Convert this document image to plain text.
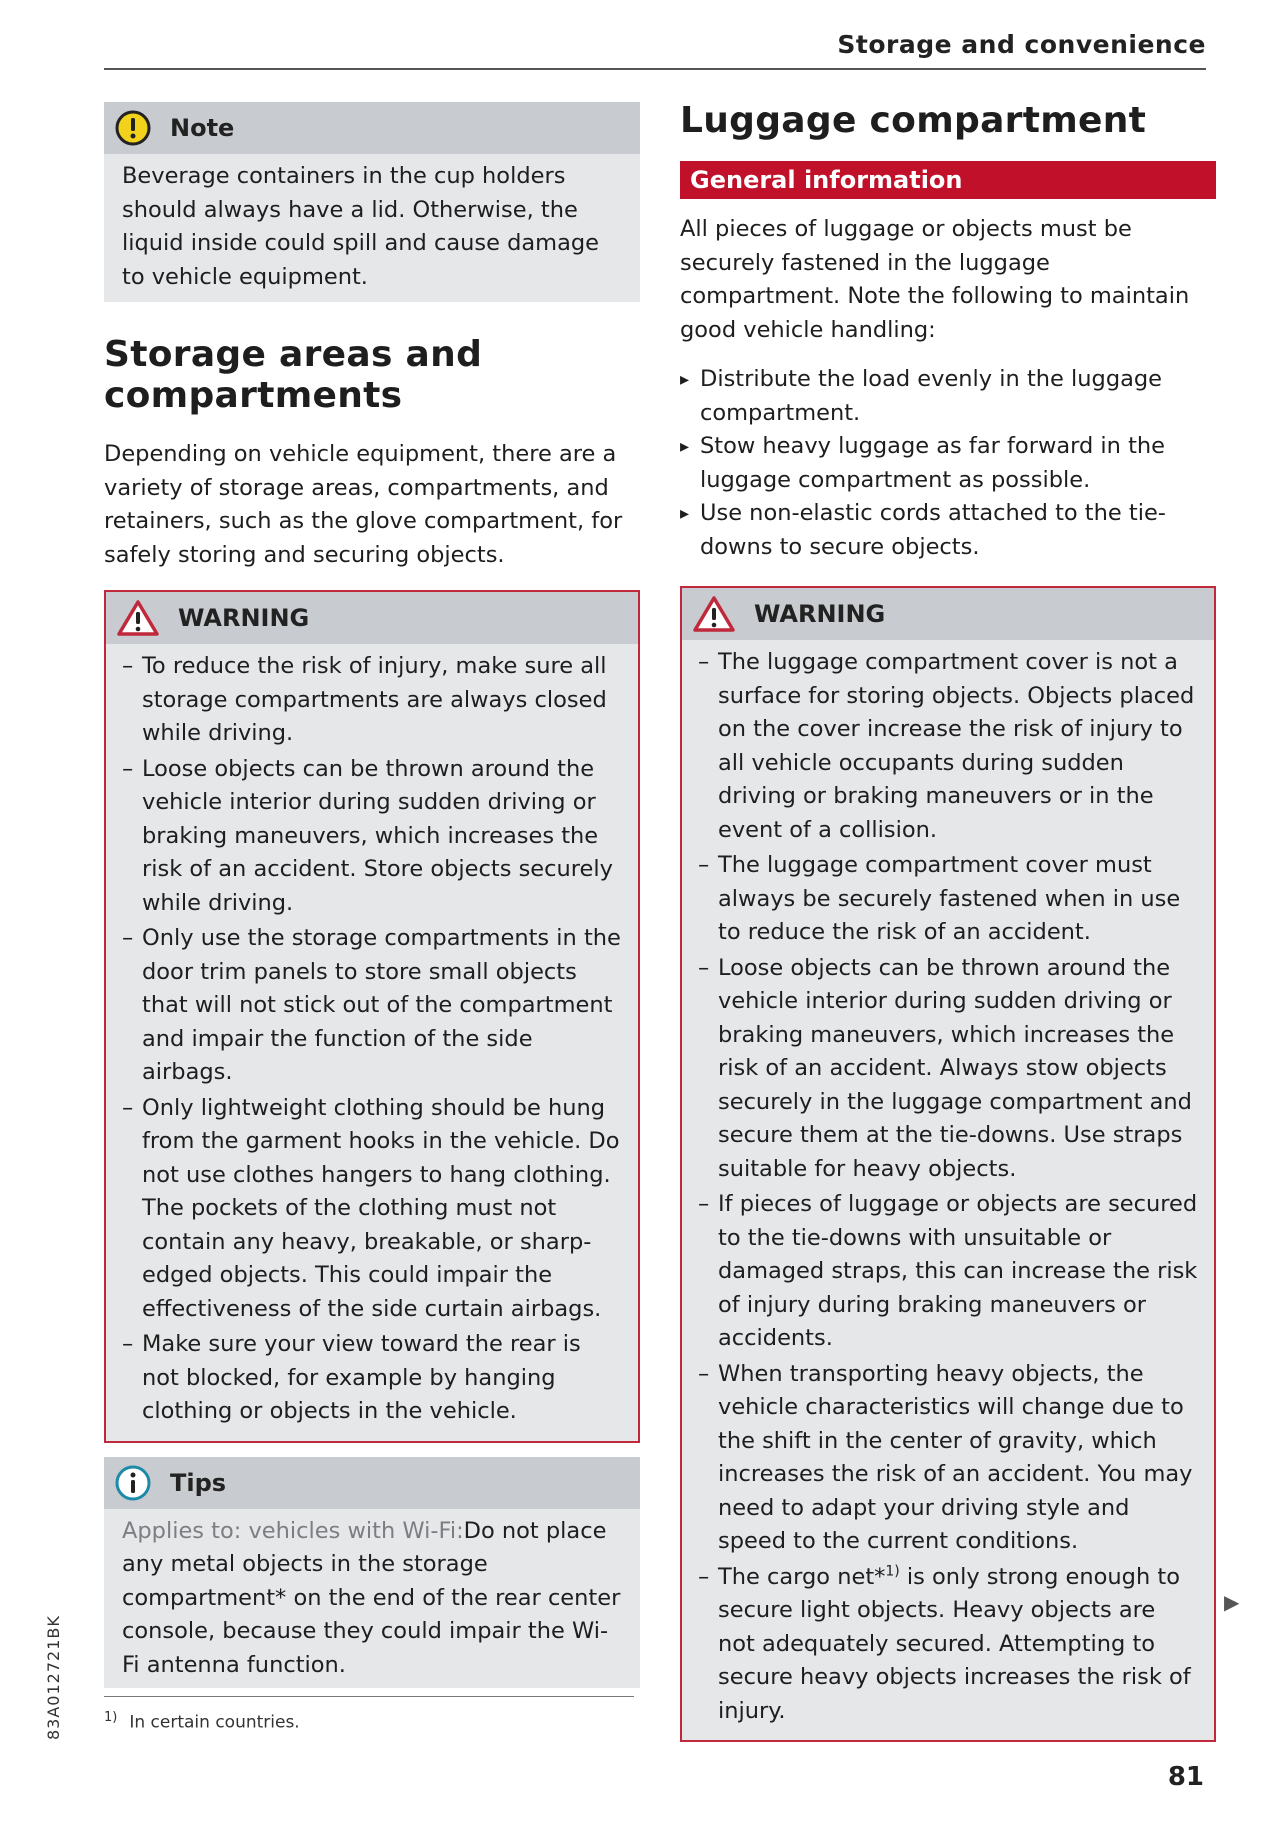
Storage and convenience
Note

Beverage containers in the cup holders should always have a lid. Otherwise, the liquid inside could spill and cause damage to vehicle equipment.

Storage areas and
compartments

Depending on vehicle equipment, there are a variety of storage areas, compartments, and retainers, such as the glove compartment, for safely storing and securing objects.

WARNING
– To reduce the risk of injury, make sure all storage compartments are always closed while driving.
– Loose objects can be thrown around the vehicle interior during sudden driving or braking maneuvers, which increases the risk of an accident. Store objects securely while driving.
– Only use the storage compartments in the door trim panels to store small objects that will not stick out of the compartment and impair the function of the side airbags.
– Only lightweight clothing should be hung from the garment hooks in the vehicle. Do not use clothes hangers to hang clothing. The pockets of the clothing must not contain any heavy, breakable, or sharp-edged objects. This could impair the effectiveness of the side curtain airbags.
– Make sure your view toward the rear is not blocked, for example by hanging clothing or objects in the vehicle.
Tips

Applies to: vehicles with Wi-Fi:Do not place any metal objects in the storage compartment* on the end of the rear center console, because they could impair the Wi-Fi antenna function.

Luggage compartment
General information

All pieces of luggage or objects must be securely fastened in the luggage compartment. Note the following to maintain good vehicle handling:

▸ Distribute the load evenly in the luggage compartment.
▸ Stow heavy luggage as far forward in the luggage compartment as possible.
▸ Use non-elastic cords attached to the tie-downs to secure objects.
WARNING
– The luggage compartment cover is not a surface for storing objects. Objects placed on the cover increase the risk of injury to all vehicle occupants during sudden driving or braking maneuvers or in the event of a collision.
– The luggage compartment cover must always be securely fastened when in use to reduce the risk of an accident.
– Loose objects can be thrown around the vehicle interior during sudden driving or braking maneuvers, which increases the risk of an accident. Always stow objects securely in the luggage compartment and secure them at the tie-downs. Use straps suitable for heavy objects.
– If pieces of luggage or objects are secured to the tie-downs with unsuitable or damaged straps, this can increase the risk of injury during braking maneuvers or accidents.
– When transporting heavy objects, the vehicle characteristics will change due to the shift in the center of gravity, which increases the risk of an accident. You may need to adapt your driving style and speed to the current conditions.
– The cargo net*$^{1)}$ is only strong enough to secure light objects. Heavy objects are not adequately secured. Attempting to secure heavy objects increases the risk of injury.
▶
$^{1)}$ In certain countries.
83A012721BK
81
